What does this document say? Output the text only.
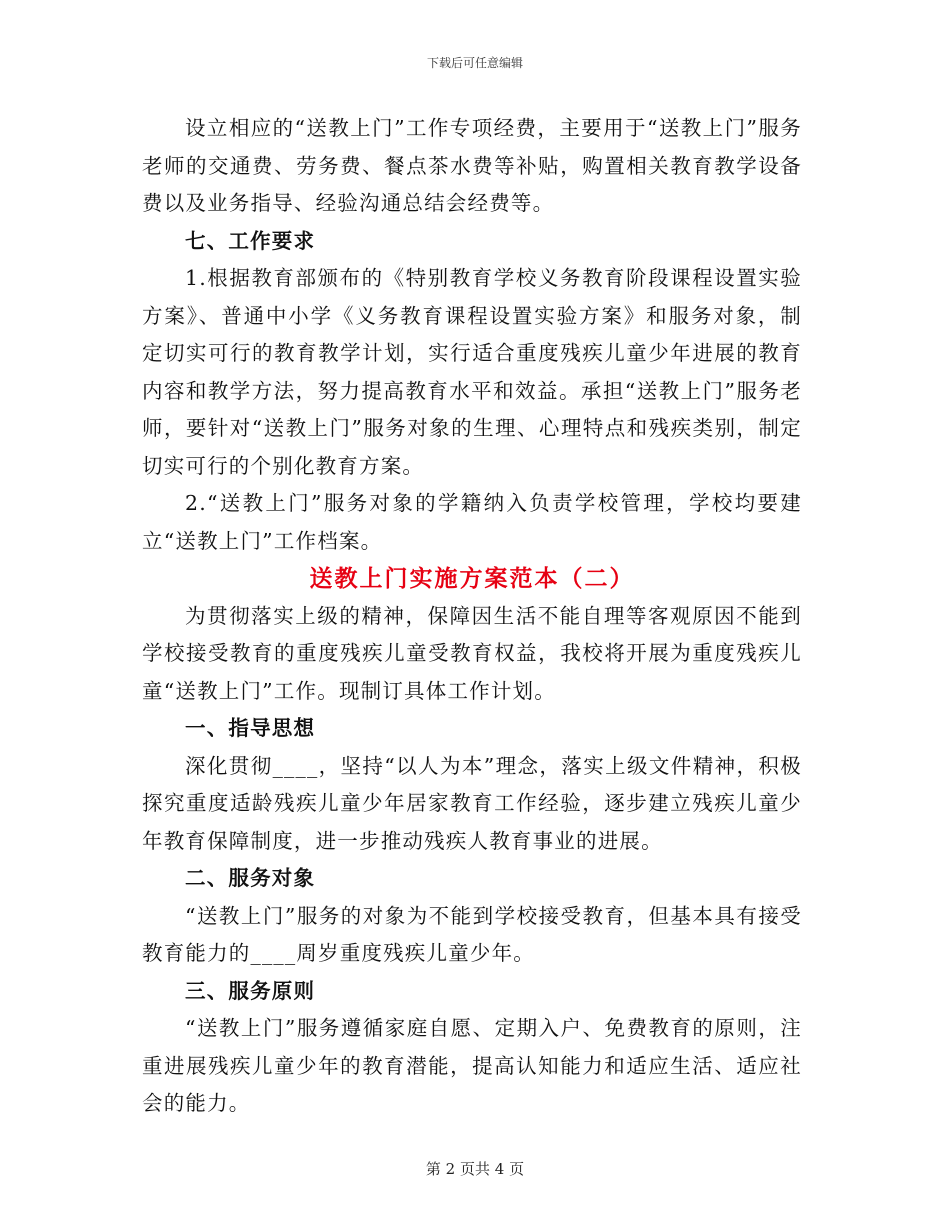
下载后可任意编辑

设立相应的“送教上门”工作专项经费，主要用于“送教上门”服务老师的交通费、劳务费、餐点茶水费等补贴，购置相关教育教学设备费以及业务指导、经验沟通总结会经费等。

七、工作要求

1.根据教育部颁布的《特别教育学校义务教育阶段课程设置实验方案》、普通中小学《义务教育课程设置实验方案》和服务对象，制定切实可行的教育教学计划，实行适合重度残疾儿童少年进展的教育内容和教学方法，努力提高教育水平和效益。承担“送教上门”服务老师，要针对“送教上门”服务对象的生理、心理特点和残疾类别，制定切实可行的个别化教育方案。

2.“送教上门”服务对象的学籍纳入负责学校管理，学校均要建立“送教上门”工作档案。

送教上门实施方案范本（二）

为贯彻落实上级的精神，保障因生活不能自理等客观原因不能到学校接受教育的重度残疾儿童受教育权益，我校将开展为重度残疾儿童“送教上门”工作。现制订具体工作计划。

一、指导思想

深化贯彻____，坚持“以人为本”理念，落实上级文件精神，积极探究重度适龄残疾儿童少年居家教育工作经验，逐步建立残疾儿童少年教育保障制度，进一步推动残疾人教育事业的进展。

二、服务对象

“送教上门”服务的对象为不能到学校接受教育，但基本具有接受教育能力的____周岁重度残疾儿童少年。

三、服务原则

“送教上门”服务遵循家庭自愿、定期入户、免费教育的原则，注重进展残疾儿童少年的教育潜能，提高认知能力和适应生活、适应社会的能力。

第 2 页共 4 页
